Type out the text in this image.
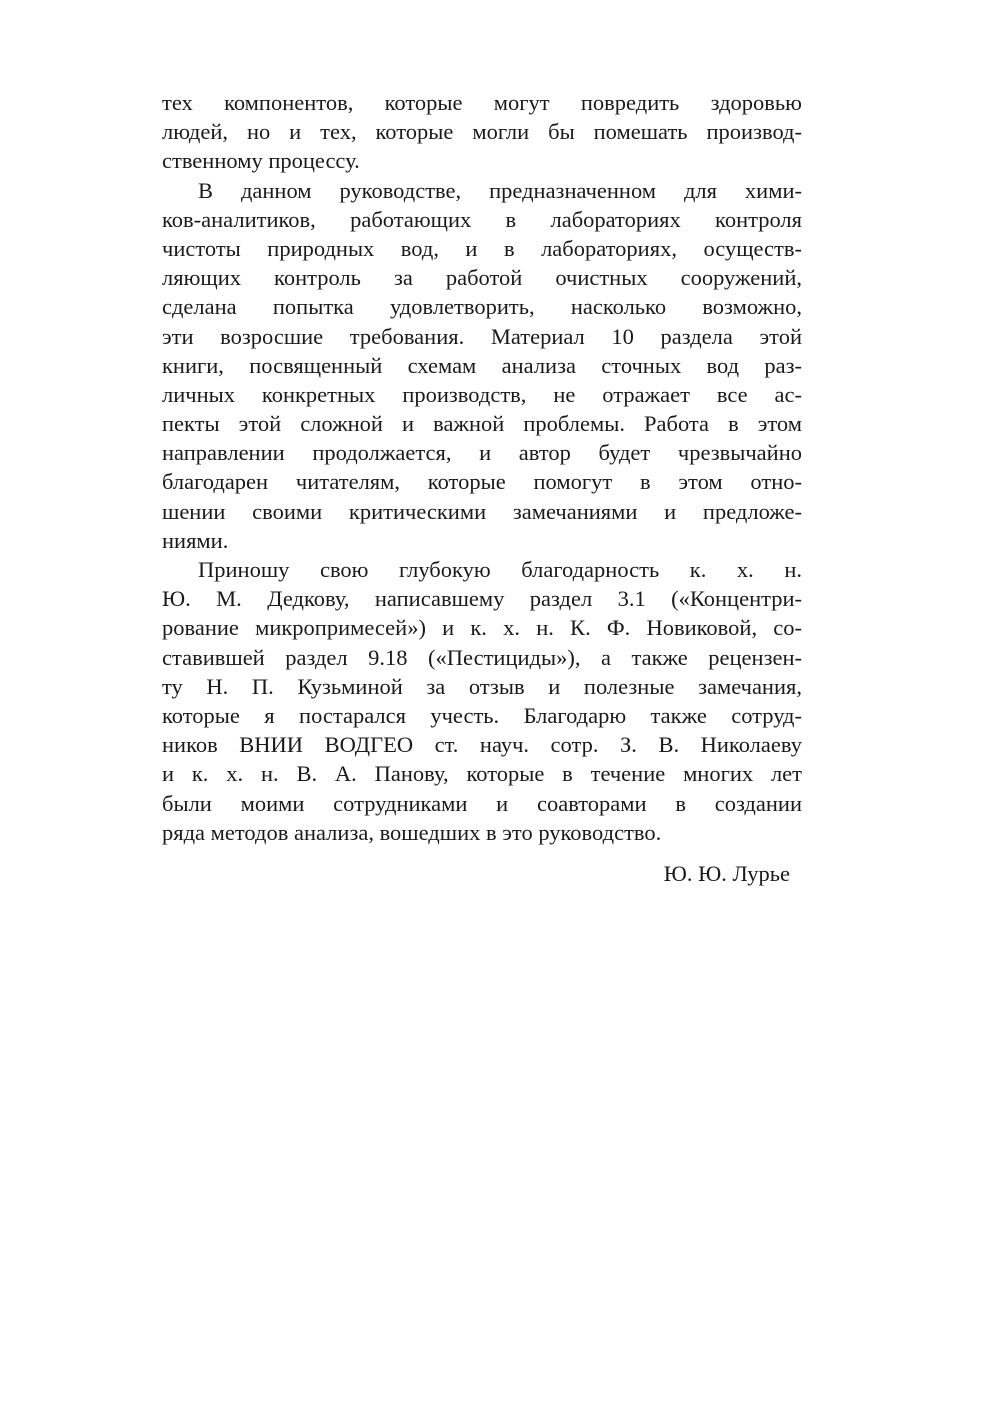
тех компонентов, которые могут повредить здоровью
людей, но и тех, которые могли бы помешать производ-
ственному процессу.
В данном руководстве, предназначенном для хими-
ков-аналитиков, работающих в лабораториях контроля
чистоты природных вод, и в лабораториях, осуществ-
ляющих контроль за работой очистных сооружений,
сделана попытка удовлетворить, насколько возможно,
эти возросшие требования. Материал 10 раздела этой
книги, посвященный схемам анализа сточных вод раз-
личных конкретных производств, не отражает все ас-
пекты этой сложной и важной проблемы. Работа в этом
направлении продолжается, и автор будет чрезвычайно
благодарен читателям, которые помогут в этом отно-
шении своими критическими замечаниями и предложе-
ниями.
Приношу свою глубокую благодарность к. х. н.
Ю. М. Дедкову, написавшему раздел 3.1 («Концентри-
рование микропримесей») и к. х. н. К. Ф. Новиковой, со-
ставившей раздел 9.18 («Пестициды»), а также рецензен-
ту Н. П. Кузьминой за отзыв и полезные замечания,
которые я постарался учесть. Благодарю также сотруд-
ников ВНИИ ВОДГЕО ст. науч. сотр. З. В. Николаеву
и к. х. н. В. А. Панову, которые в течение многих лет
были моими сотрудниками и соавторами в создании
ряда методов анализа, вошедших в это руководство.
Ю. Ю. Лурье
